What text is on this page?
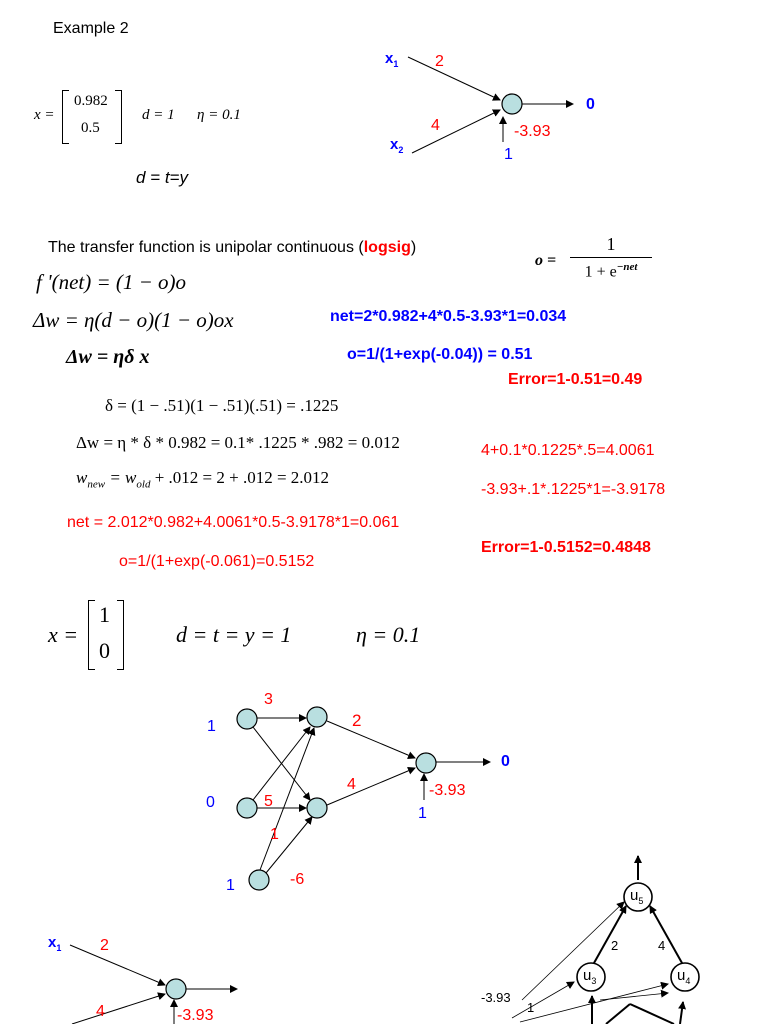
Example 2
x =
0.982
0.5
d = 1 η = 0.1
d = t=y
$x_1$
$x_2$
2
4	-3.93
1
0
The transfer function is unipolar continuous (logsig)
o =
1
$1 + e^{-net}$
f '(net) = (1 − o)o
Δw = η(d − o)(1 − o)ox
Δw = ηδ x
δ = (1 − .51)(1 − .51)(.51) = .1225
Δw = η * δ * 0.982 = 0.1* .1225 * .982 = 0.012
$w_{new} = w_{old} + .012 = 2 + .012 = 2.012$
net=2*0.982+4*0.5-3.93*1=0.034
o=1/(1+exp(-0.04)) = 0.51
Error=1-0.51=0.49
4+0.1*0.1225*.5=4.0061
-3.93+.1*.1225*1=-3.9178
net = 2.012*0.982+4.0061*0.5-3.9178*1=0.061
Error=1-0.5152=0.4848
o=1/(1+exp(-0.061)=0.5152
x =
1
0
d = t = y = 1	η = 0.1
1
0
1
3
5
1
-6
2
4	-3.93
1
0
$x_1$ 2
4	-3.93
$u_5$
$u_3$	$u_4$
2	4
-3.93
1
